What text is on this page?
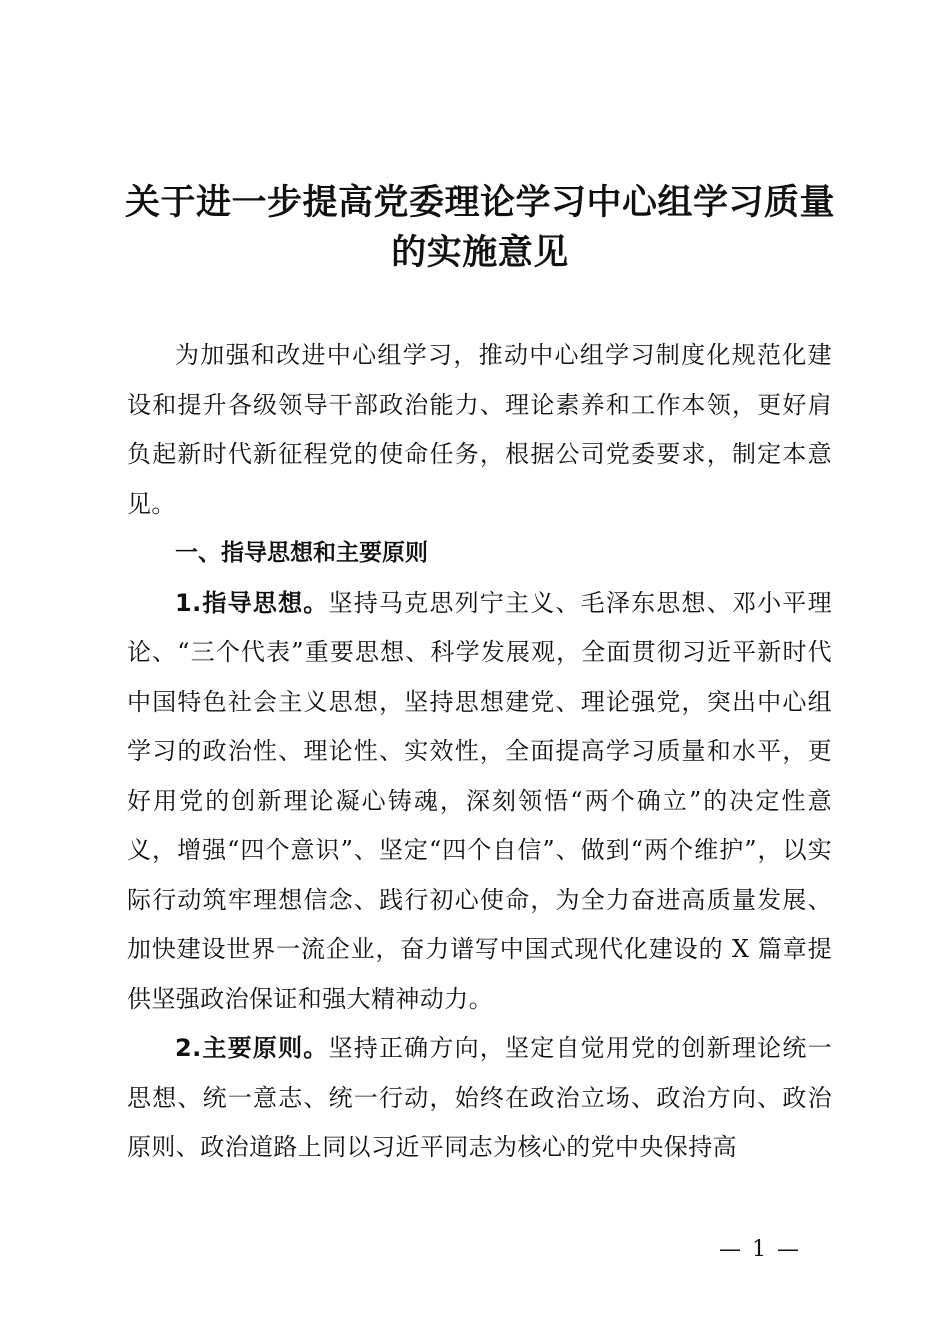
关于进一步提高党委理论学习中心组学习质量
的实施意见

为加强和改进中心组学习，推动中心组学习制度化规范化建设和提升各级领导干部政治能力、理论素养和工作本领，更好肩负起新时代新征程党的使命任务，根据公司党委要求，制定本意见。

一、指导思想和主要原则

1.指导思想。坚持马克思列宁主义、毛泽东思想、邓小平理论、“三个代表”重要思想、科学发展观，全面贯彻习近平新时代中国特色社会主义思想，坚持思想建党、理论强党，突出中心组学习的政治性、理论性、实效性，全面提高学习质量和水平，更好用党的创新理论凝心铸魂，深刻领悟“两个确立”的决定性意义，增强“四个意识”、坚定“四个自信”、做到“两个维护”，以实际行动筑牢理想信念、践行初心使命，为全力奋进高质量发展、加快建设世界一流企业，奋力谱写中国式现代化建设的 X 篇章提供坚强政治保证和强大精神动力。

2.主要原则。坚持正确方向，坚定自觉用党的创新理论统一思想、统一意志、统一行动，始终在政治立场、政治方向、政治原则、政治道路上同以习近平同志为核心的党中央保持高

— 1 —
